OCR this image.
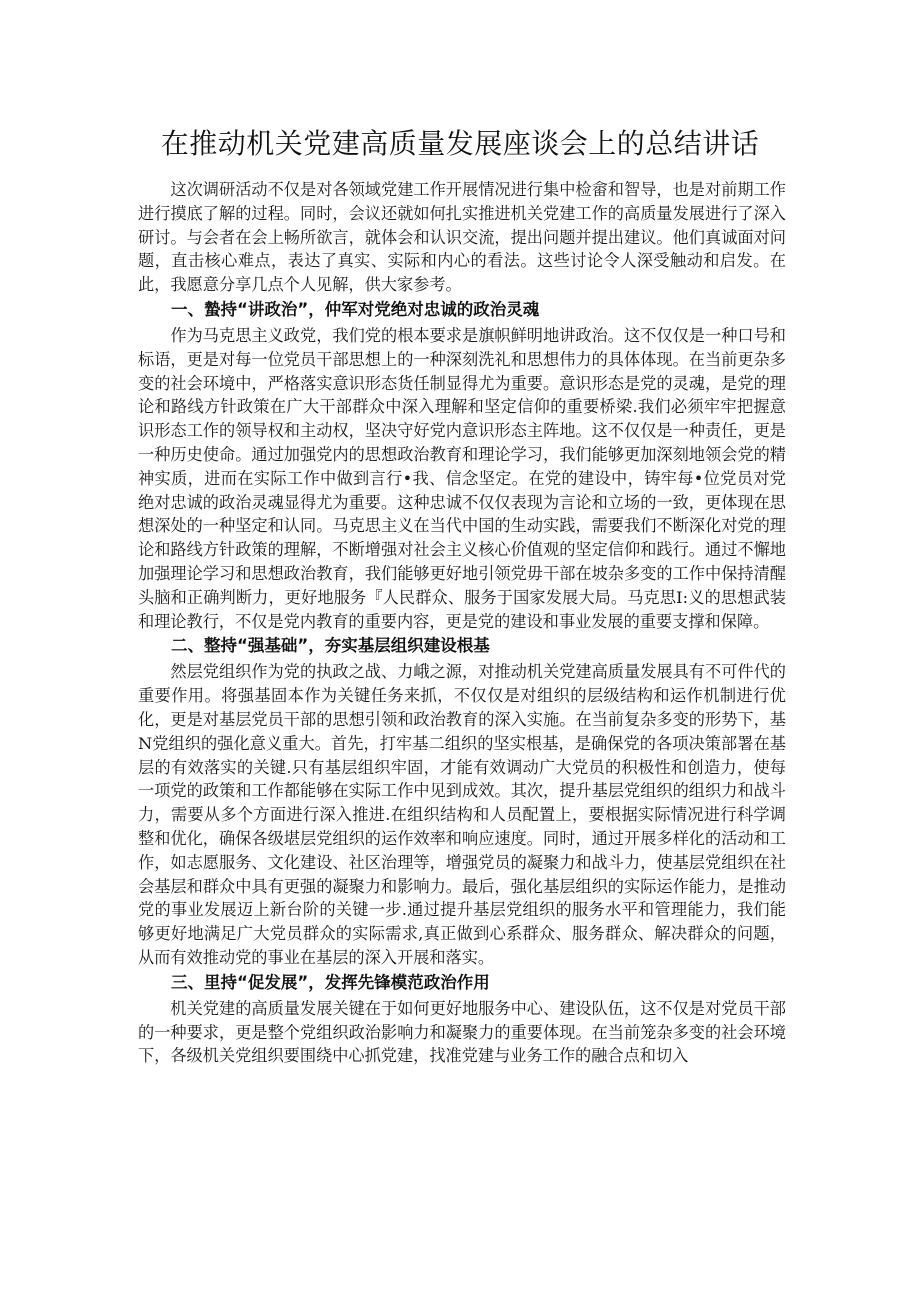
在推动机关党建高质量发展座谈会上的总结讲话

这次调研活动不仅是对各领域党建工作开展情况进行集中检畲和智导，也是对前期工作进行摸底了解的过程。同时，会议还就如何扎实推进机关党建工作的高质量发展进行了深入研讨。与会者在会上畅所欲言，就体会和认识交流，提出问题并提出建议。他们真诚面对问题，直击核心难点，表达了真实、实际和内心的看法。这些讨论令人深受触动和启发。在此，我愿意分享几点个人见解，供大家参考。

一、蟄持“讲政治”，仲军对党绝对忠诚的政治灵魂

作为马克思主义政党，我们党的根本要求是旗帜鲜明地讲政治。这不仅仅是一种口号和标语，更是对每一位党员干部思想上的一种深刻洗礼和思想伟力的具体体现。在当前更杂多变的社会环境中，严格落实意识形态货任制显得尤为重要。意识形态是党的灵魂，是党的理论和路线方针政策在广大干部群众中深入理解和坚定信仰的重要桥梁.我们必须牢牢把握意识形态工作的领导权和主动权，坚决守好党内意识形态主阵地。这不仅仅是一种责任，更是一种历史使命。通过加强党内的思想政治教育和理论学习，我们能够更加深刻地领会党的精神实质，进而在实际工作中做到言行•我、信念坚定。在党的建设中，铸牢每•位党员对党绝对忠诚的政治灵魂显得尤为重要。这种忠诚不仅仅表现为言论和立场的一致，更体现在思想深处的一种坚定和认同。马克思主义在当代中国的生动实践，需要我们不断深化对党的理论和路线方针政策的理解，不断增强对社会主义核心价值观的坚定信仰和践行。通过不懈地加强理论学习和思想政治教育，我们能够更好地引领党毋干部在坡杂多变的工作中保持清醒头脑和正确判断力，更好地服务『人民群众、服务于国家发展大局。马克思Ⅰ:义的思想武装和理论教行，不仅是党内教育的重要内容，更是党的建设和事业发展的重要支撑和保障。

二、整持“强基础”，夯实基层组织建设根基

然层党组织作为党的执政之战、力峨之源，对推动机关党建高质量发展具有不可件代的重要作用。将强基固本作为关键任务来抓，不仅仅是对组织的层级结构和运作机制进行优化，更是对基层党员干部的思想引领和政治教育的深入实施。在当前复杂多变的形势下，基N党组织的强化意义重大。首先，打牢基二组织的坚实根基，是确保党的各项决策部署在基层的有效落实的关键.只有基层组织牢固，才能有效调动广大党员的积极性和创造力，使每一项党的政策和工作都能够在实际工作中见到成效。其次，提升基层党组织的组织力和战斗力，需要从多个方面进行深入推进.在组织结构和人员配置上，要根据实际情况进行科学调整和优化，确保各级堪层党组织的运作效率和响应速度。同时，通过开展多样化的活动和工作，如志愿服务、文化建设、社区治理等，增强党员的凝聚力和战斗力，使基层党组织在社会基层和群众中具有更强的凝聚力和影响力。最后，强化基层组织的实际运作能力，是推动党的事业发展迈上新台阶的关键一步.通过提升基层党组织的服务水平和管理能力，我们能够更好地满足广大党员群众的实际需求,真正做到心系群众、服务群众、解决群众的问题，从而有效推动党的事业在基层的深入开展和落实。

三、里持“促发展”，发挥先锋模范政治作用

机关党建的高质量发展关键在于如何更好地服务中心、建设队伍，这不仅是对党员干部的一种要求，更是整个党组织政治影响力和凝聚力的重要体现。在当前笼杂多变的社会环境下，各级机关党组织要围绕中心抓党建，找准党建与业务工作的融合点和切入
